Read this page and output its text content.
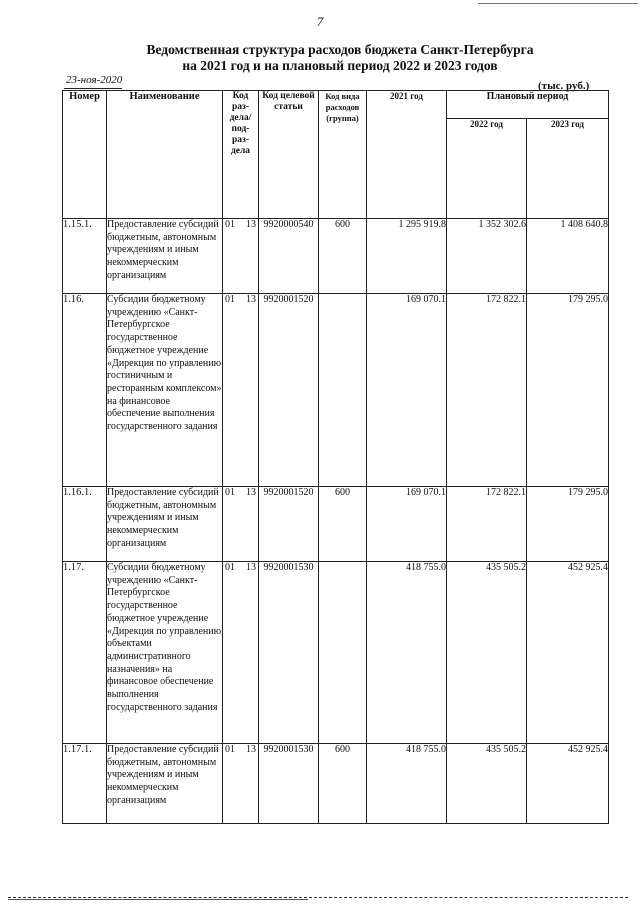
7
Ведомственная структура расходов бюджета Санкт-Петербурга
на 2021 год и на плановый период 2022 и 2023 годов
23-ноя-2020	(тыс. руб.)
Номер	Наименование	Код раз- дела/ под- раз- дела	Код целевой статьи	Код вида расходов (группа)	2021 год	Плановый период	
						2022 год	2023 год
1.15.1.	Предоставление субсидий бюджетным, автономным учреждениям и иным некоммерческим организациям	01 13	9920000540	600	1 295 919.8	1 352 302.6	1 408 640.8
1.16.	Субсидии бюджетному учреждению «Санкт-Петербургское государственное бюджетное учреждение «Дирекция по управлению гостиничным и ресторанным комплексом» на финансовое обеспечение выполнения государственного задания	01 13	9920001520		169 070.1	172 822.1	179 295.0
1.16.1.	Предоставление субсидий бюджетным, автономным учреждениям и иным некоммерческим организациям	01 13	9920001520	600	169 070.1	172 822.1	179 295.0
1.17.	Субсидии бюджетному учреждению «Санкт-Петербургское государственное бюджетное учреждение «Дирекция по управлению объектами административного назначения» на финансовое обеспечение выполнения государственного задания	01 13	9920001530		418 755.0	435 505.2	452 925.4
1.17.1.	Предоставление субсидий бюджетным, автономным учреждениям и иным некоммерческим организациям	01 13	9920001530	600	418 755.0	435 505.2	452 925.4
